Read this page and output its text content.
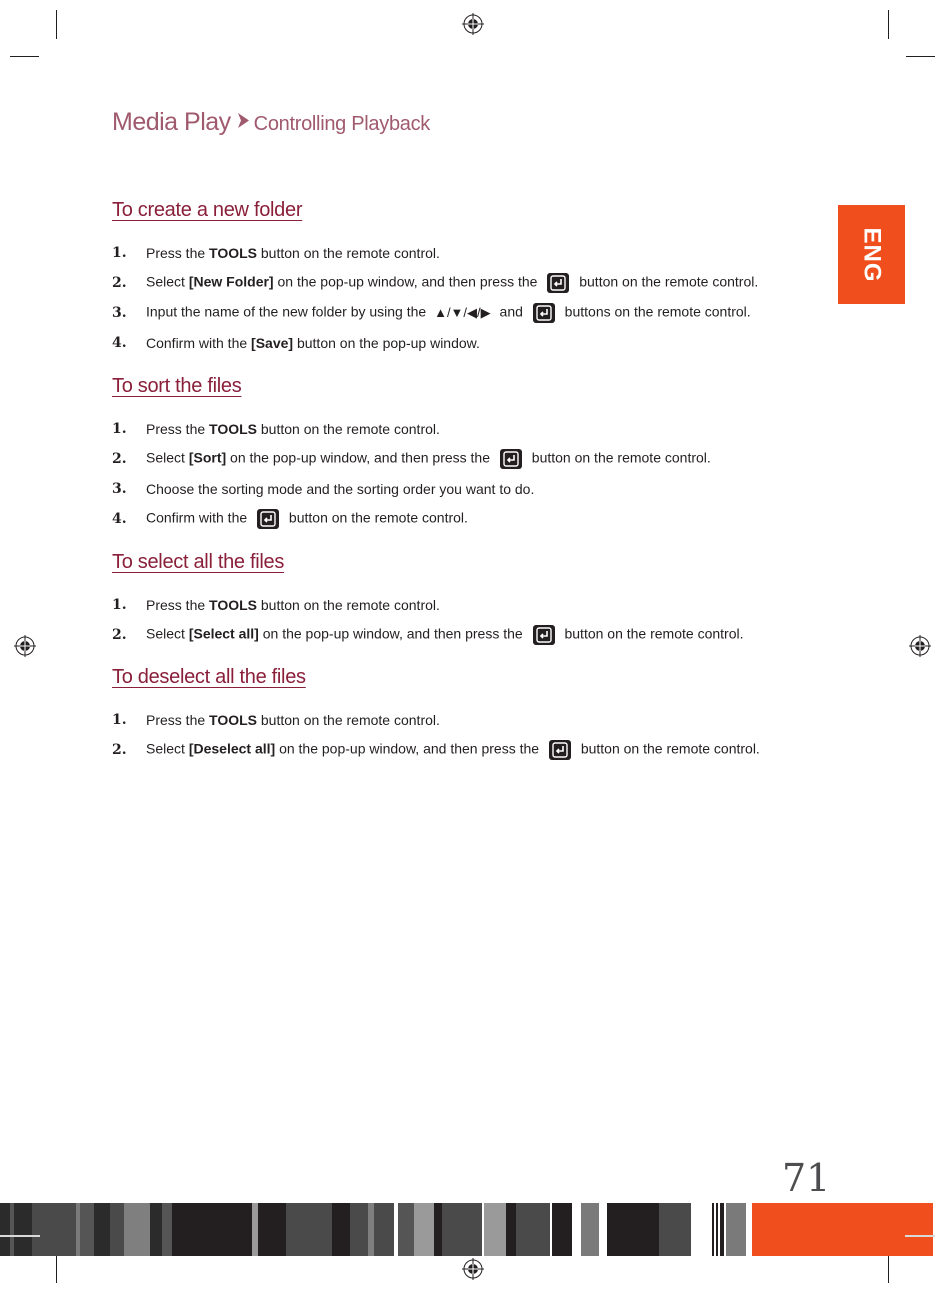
Media Play Controlling Playback
ENG
To create a new folder
1.	Press the TOOLS button on the remote control.
2.	Select [New Folder] on the pop-up window, and then press the
button on the remote control.
3.	Input the name of the new folder by using the ▲/▼/◀/▶ and
buttons on the remote control.
4.	Confirm with the [Save] button on the pop-up window.
To sort the files
1.	Press the TOOLS button on the remote control.
2.	Select [Sort] on the pop-up window, and then press the
button on the remote control.
3.	Choose the sorting mode and the sorting order you want to do.
4.	Confirm with the
button on the remote control.
To select all the files
1.	Press the TOOLS button on the remote control.
2.	Select [Select all] on the pop-up window, and then press the
button on the remote control.
To deselect all the files
1.	Press the TOOLS button on the remote control.
2.	Select [Deselect all] on the pop-up window, and then press the
button on the remote control.
71
